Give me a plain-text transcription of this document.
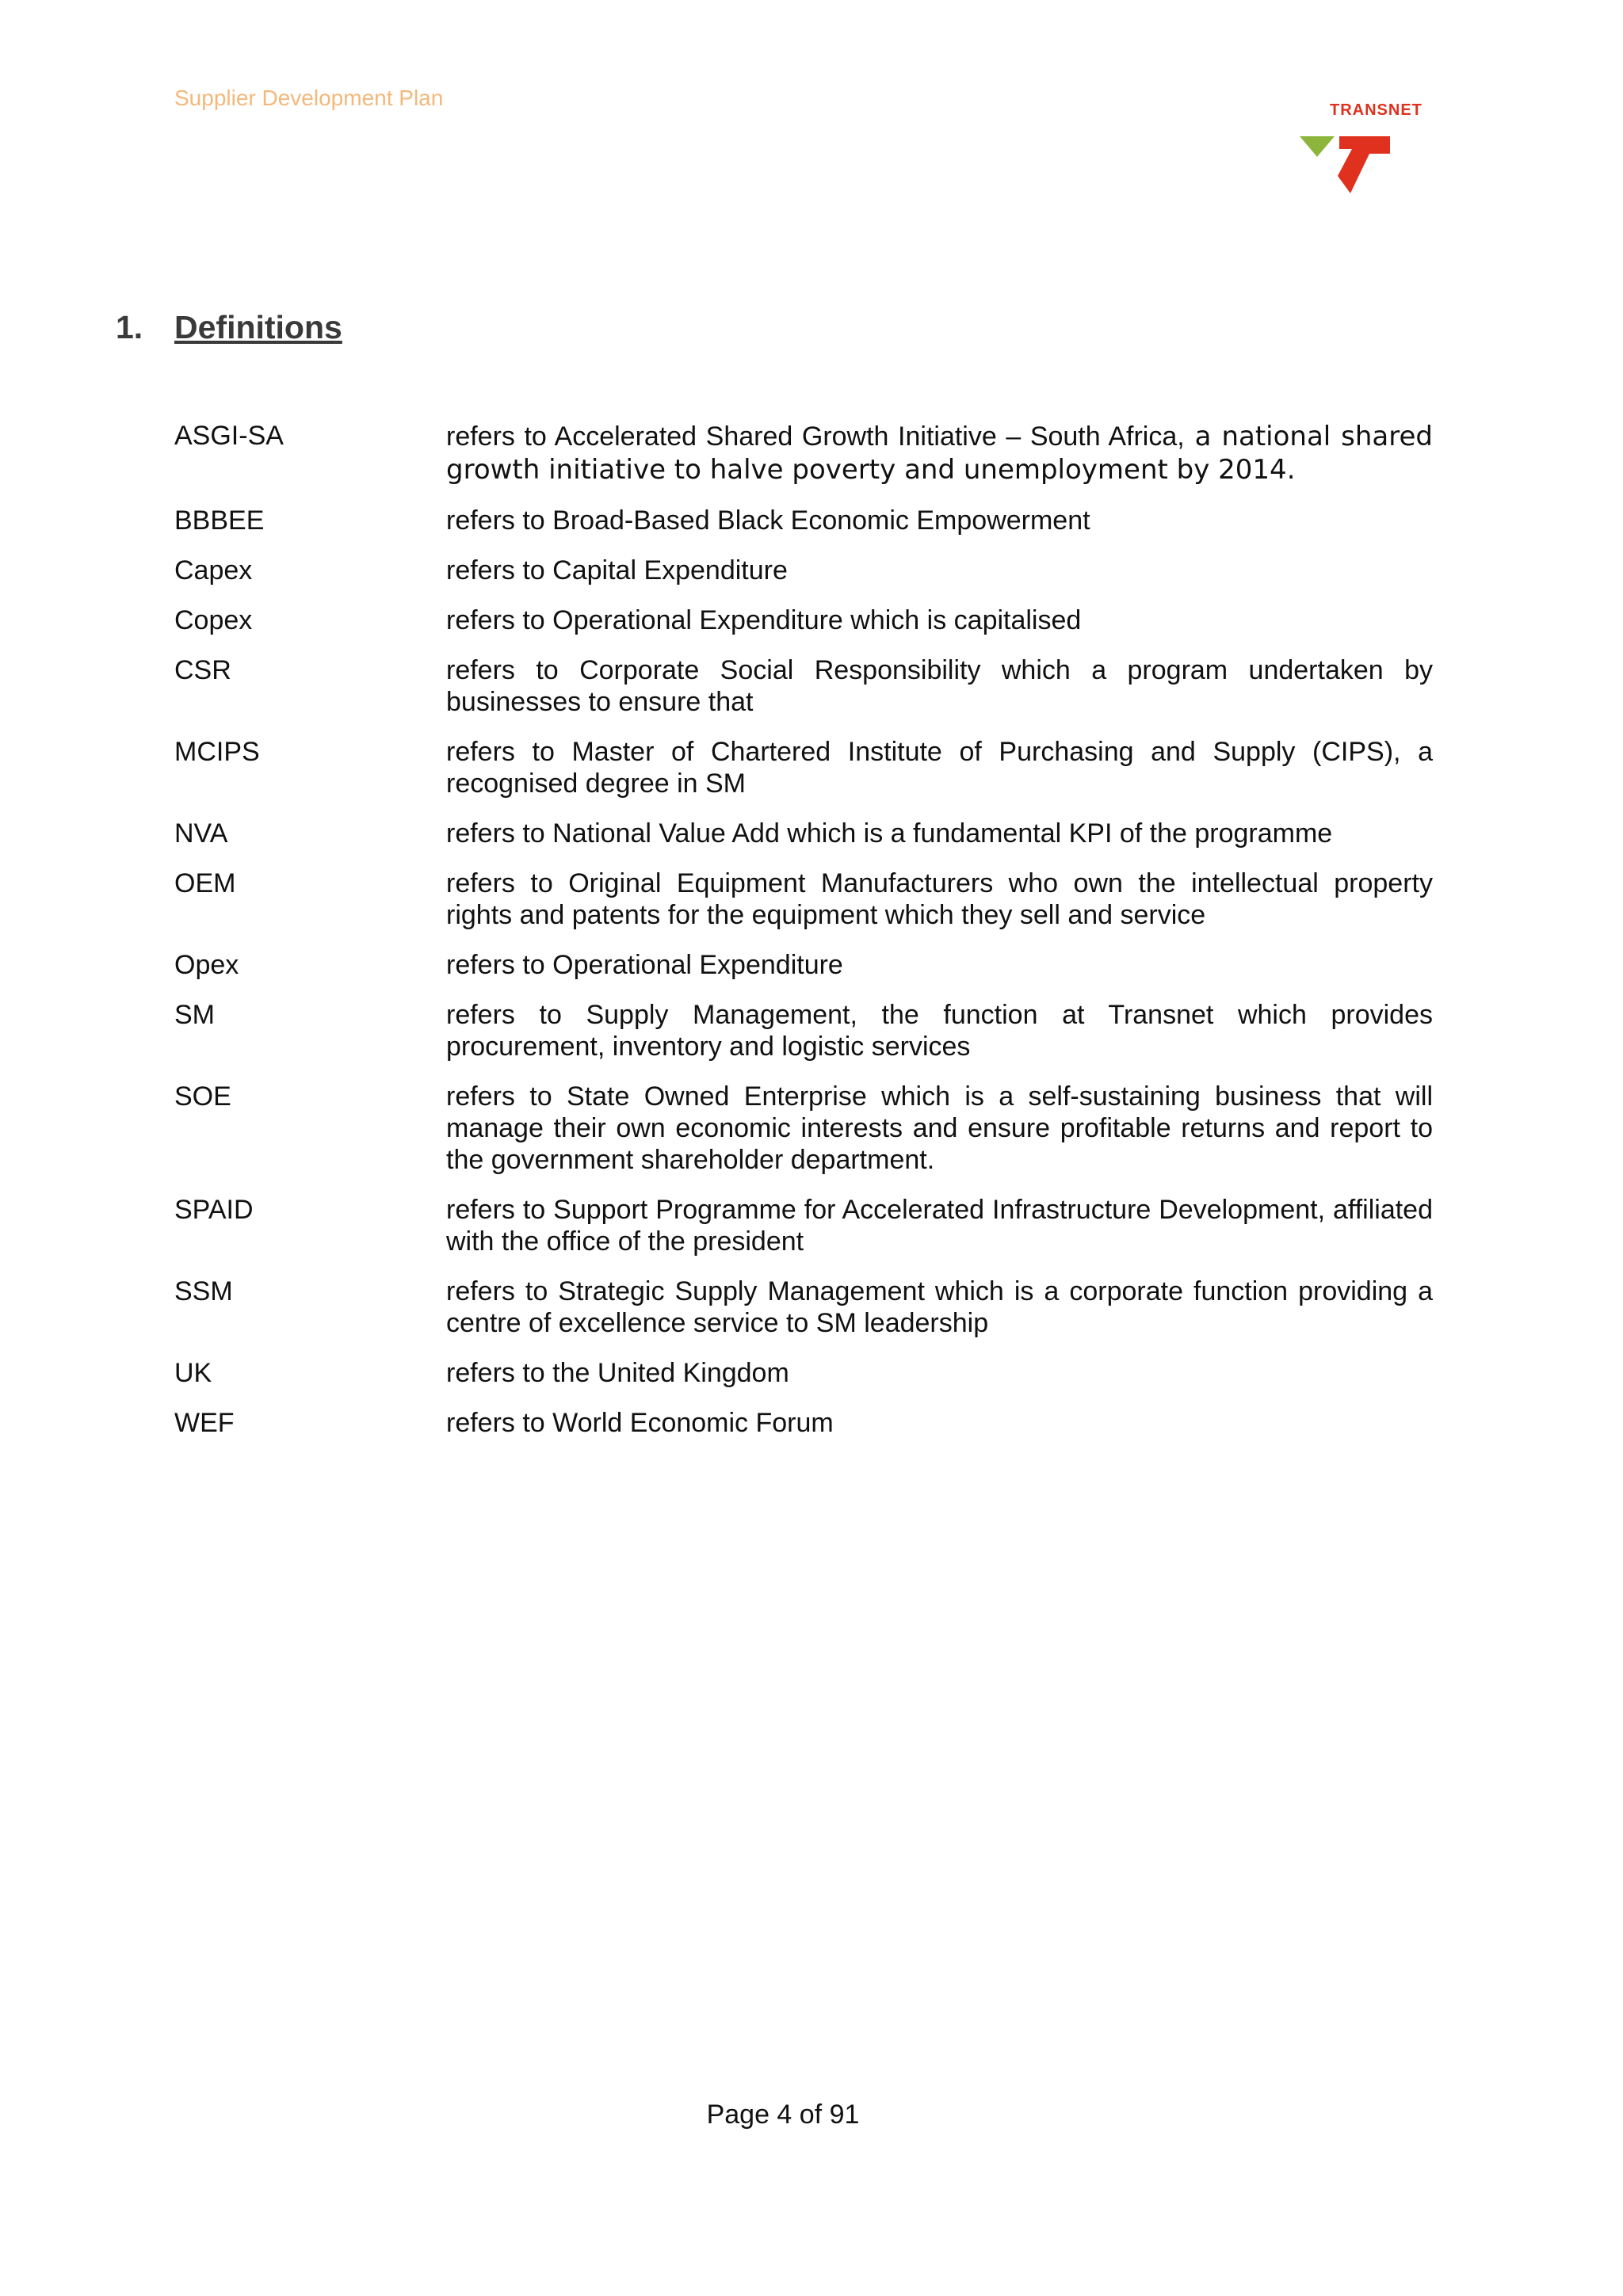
Supplier Development Plan	TRANSNET
1. Definitions
ASGI-SA	refers to Accelerated Shared Growth Initiative – South Africa, a national shared growth initiative to halve poverty and unemployment by 2014.
BBBEE	refers to Broad-Based Black Economic Empowerment
Capex	refers to Capital Expenditure
Copex	refers to Operational Expenditure which is capitalised
CSR	refers to Corporate Social Responsibility which a program undertaken by businesses to ensure that
MCIPS	refers to Master of Chartered Institute of Purchasing and Supply (CIPS), a recognised degree in SM
NVA	refers to National Value Add which is a fundamental KPI of the programme
OEM	refers to Original Equipment Manufacturers who own the intellectual property rights and patents for the equipment which they sell and service
Opex	refers to Operational Expenditure
SM	refers to Supply Management, the function at Transnet which provides procurement, inventory and logistic services
SOE	refers to State Owned Enterprise which is a self-sustaining business that will manage their own economic interests and ensure profitable returns and report to the government shareholder department.
SPAID	refers to Support Programme for Accelerated Infrastructure Development, affiliated with the office of the president
SSM	refers to Strategic Supply Management which is a corporate function providing a centre of excellence service to SM leadership
UK	refers to the United Kingdom
WEF	refers to World Economic Forum
Page 4 of 91
